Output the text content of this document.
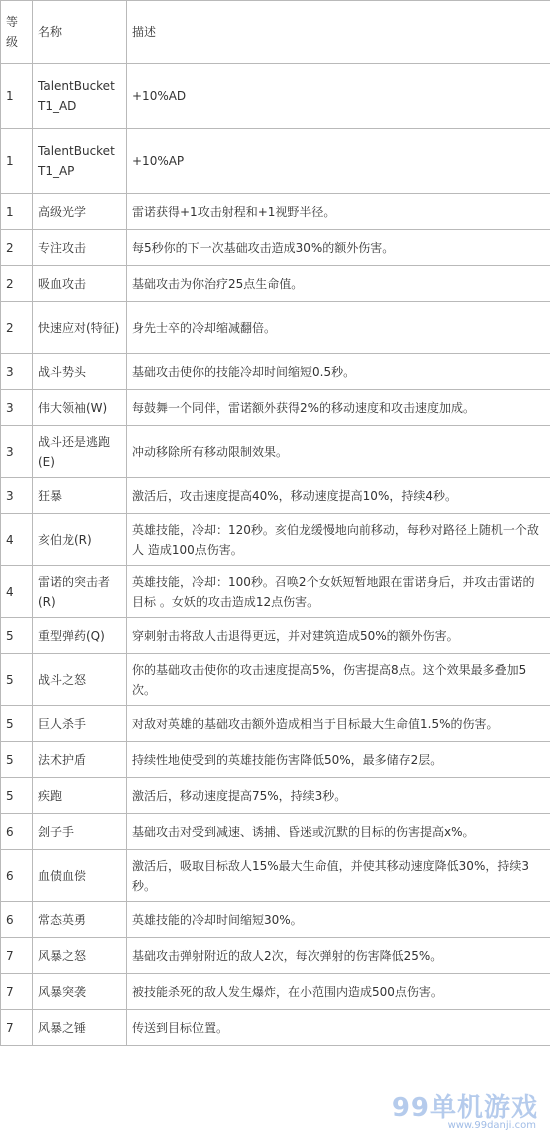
等级	名称	描述
1	TalentBucketT1_AD	+10%AD
1	TalentBucketT1_AP	+10%AP
1	高级光学	雷诺获得+1攻击射程和+1视野半径。
2	专注攻击	每5秒你的下一次基础攻击造成30%的额外伤害。
2	吸血攻击	基础攻击为你治疗25点生命值。
2	快速应对(特征)	身先士卒的冷却缩减翻倍。
3	战斗势头	基础攻击使你的技能冷却时间缩短0.5秒。
3	伟大领袖(W)	每鼓舞一个同伴，雷诺额外获得2%的移动速度和攻击速度加成。
3	战斗还是逃跑(E)	冲动移除所有移动限制效果。
3	狂暴	激活后，攻击速度提高40%，移动速度提高10%，持续4秒。
4	亥伯龙(R)	英雄技能，冷却：120秒。亥伯龙缓慢地向前移动，每秒对路径上随机一个敌人 造成100点伤害。
4	雷诺的突击者(R)	英雄技能，冷却：100秒。召唤2个女妖短暂地跟在雷诺身后，并攻击雷诺的目标 。女妖的攻击造成12点伤害。
5	重型弹药(Q)	穿刺射击将敌人击退得更远，并对建筑造成50%的额外伤害。
5	战斗之怒	你的基础攻击使你的攻击速度提高5%，伤害提高8点。这个效果最多叠加5次。
5	巨人杀手	对敌对英雄的基础攻击额外造成相当于目标最大生命值1.5%的伤害。
5	法术护盾	持续性地使受到的英雄技能伤害降低50%，最多储存2层。
5	疾跑	激活后，移动速度提高75%，持续3秒。
6	刽子手	基础攻击对受到减速、诱捕、昏迷或沉默的目标的伤害提高x%。
6	血债血偿	激活后，吸取目标敌人15%最大生命值，并使其移动速度降低30%，持续3秒。
6	常态英勇	英雄技能的冷却时间缩短30%。
7	风暴之怒	基础攻击弹射附近的敌人2次，每次弹射的伤害降低25%。
7	风暴突袭	被技能杀死的敌人发生爆炸，在小范围内造成500点伤害。
7	风暴之锤	传送到目标位置。
99单机游戏
www.99danji.com
